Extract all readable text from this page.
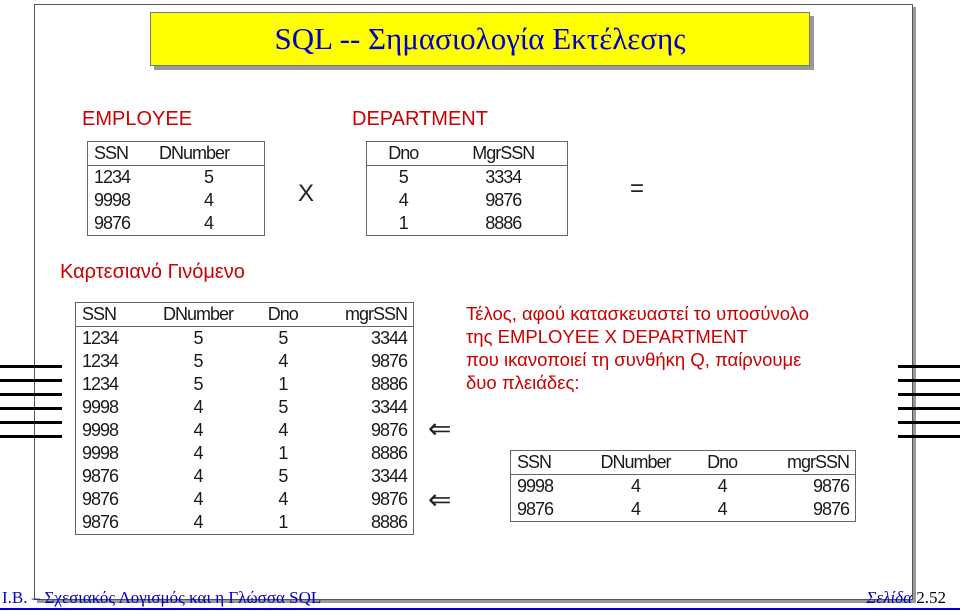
SQL -- Σημασιολογία Εκτέλεσης
EMPLOYEE
SSN	DNumber
1234	5
9998	4
9876	4
X
DEPARTMENT
Dno	MgrSSN
5	3334
4	9876
1	8886
=
Καρτεσιανό Γινόμενο
SSN	DNumber	Dno	mgrSSN
1234	5	5	3344
1234	5	4	9876
1234	5	1	8886
9998	4	5	3344
9998	4	4	9876
9998	4	1	8886
9876	4	5	3344
9876	4	4	9876
9876	4	1	8886
⇐
⇐
Τέλος, αφού κατασκευαστεί το υποσύνολο
της EMPLOYEE X DEPARTMENT
που ικανοποιεί τη συνθήκη Q, παίρνουμε
δυο πλειάδες:
SSN	DNumber	Dno	mgrSSN
9998	4	4	9876
9876	4	4	9876
Ι.Β. – Σχεσιακός Λογισμός και η Γλώσσα SQL	Σελίδα 2.52
